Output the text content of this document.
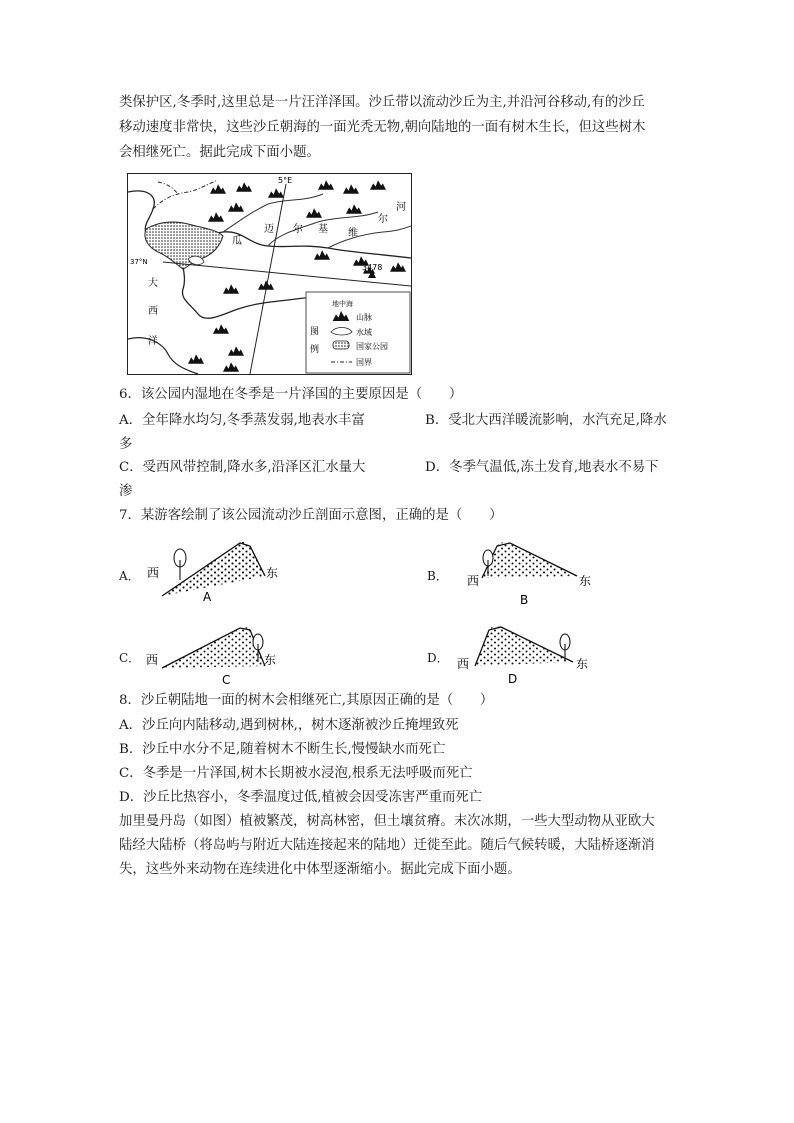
类保护区,冬季时,这里总是一片汪洋泽国。沙丘带以流动沙丘为主,并沿河谷移动,有的沙丘
移动速度非常快，这些沙丘朝海的一面光秃无物,朝向陆地的一面有树木生长，但这些树木
会相继死亡。据此完成下面小题。
5°E
37°N
河
尔
迈 尔 基 维
瓜
3478
大
西
洋
地中海
图
例
山脉
水域
国家公园
国界
6．该公园内湿地在冬季是一片泽国的主要原因是（　　）
A．全年降水均匀,冬季蒸发弱,地表水丰富	B．受北大西洋暖流影响，水汽充足,降水
多
C．受西风带控制,降水多,沿泽区汇水量大	D．冬季气温低,冻土发育,地表水不易下
渗
7．某游客绘制了该公园流动沙丘剖面示意图，正确的是（　　）
A． 西	东
A
B． 西	东
B
C． 西	东
C
D． 西	东
D
8．沙丘朝陆地一面的树木会相继死亡,其原因正确的是（　　）
A．沙丘向内陆移动,遇到树林,，树木逐渐被沙丘掩埋致死
B．沙丘中水分不足,随着树木不断生长,慢慢缺水而死亡
C．冬季是一片泽国,树木长期被水浸泡,根系无法呼吸而死亡
D．沙丘比热容小，冬季温度过低,植被会因受冻害严重而死亡
加里曼丹岛（如图）植被繁茂，树高林密，但土壤贫瘠。末次冰期，一些大型动物从亚欧大
陆经大陆桥（将岛屿与附近大陆连接起来的陆地）迁徙至此。随后气候转暖，大陆桥逐渐消
失，这些外来动物在连续进化中体型逐渐缩小。据此完成下面小题。
